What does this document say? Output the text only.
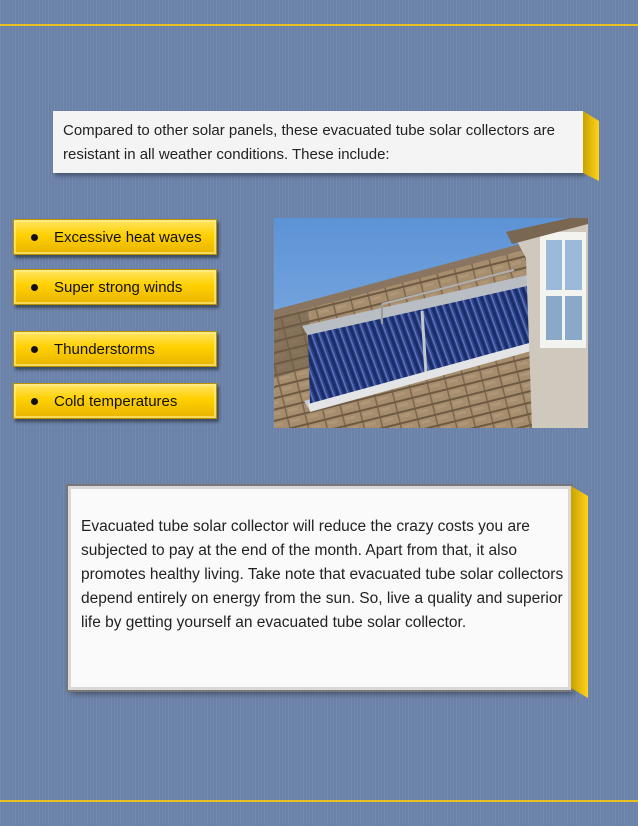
Compared to other solar panels, these evacuated tube solar collectors are resistant in all weather conditions. These include:
Excessive heat waves
Super strong winds
Thunderstorms
Cold temperatures
Evacuated tube solar collector will reduce the crazy costs you are subjected to pay at the end of the month. Apart from that, it also promotes healthy living. Take note that evacuated tube solar collectors depend entirely on energy from the sun. So, live a quality and superior life by getting yourself an evacuated tube solar collector.
